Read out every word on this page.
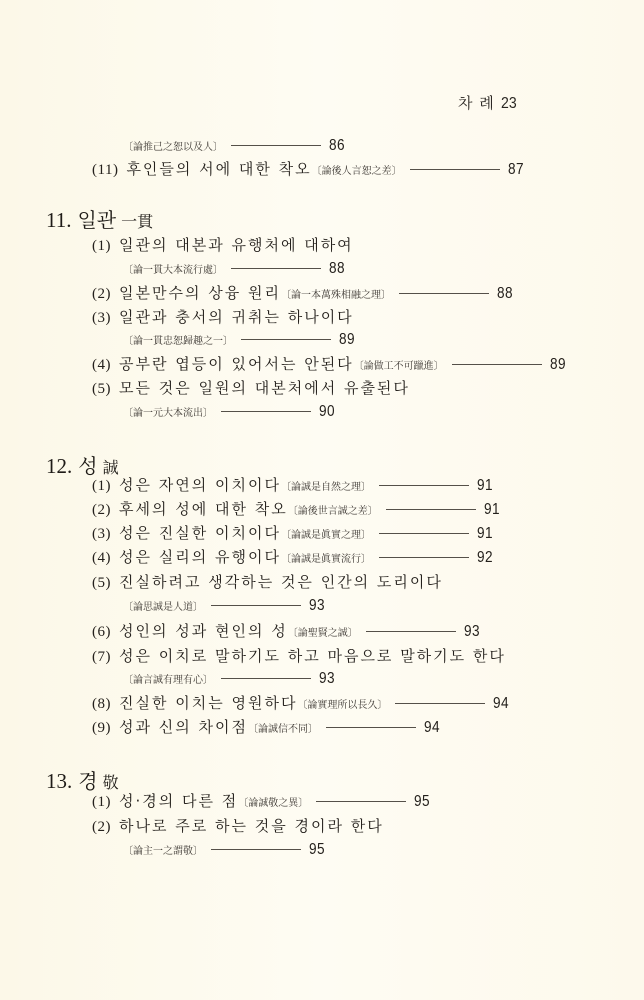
차 례 23
〔論推己之恕以及人〕	86
(11) 후인들의 서에 대한 착오〔論後人言恕之差〕	87
11. 일관 一貫
(1) 일관의 대본과 유행처에 대하여
〔論一貫大本流行處〕	88
(2) 일본만수의 상융 원리〔論一本萬殊相融之理〕	88
(3) 일관과 충서의 귀취는 하나이다
〔論一貫忠恕歸趣之一〕	89
(4) 공부란 엽등이 있어서는 안된다〔論做工不可躐進〕	89
(5) 모든 것은 일원의 대본처에서 유출된다
〔論一元大本流出〕	90
12. 성 誠
(1) 성은 자연의 이치이다〔論誠是自然之理〕	91
(2) 후세의 성에 대한 착오〔論後世言誠之差〕	91
(3) 성은 진실한 이치이다〔論誠是眞實之理〕	91
(4) 성은 실리의 유행이다〔論誠是眞實流行〕	92
(5) 진실하려고 생각하는 것은 인간의 도리이다
〔論思誠是人道〕	93
(6) 성인의 성과 현인의 성〔論聖賢之誠〕	93
(7) 성은 이치로 말하기도 하고 마음으로 말하기도 한다
〔論言誠有理有心〕	93
(8) 진실한 이치는 영원하다〔論實理所以長久〕	94
(9) 성과 신의 차이점〔論誠信不同〕	94
13. 경 敬
(1) 성·경의 다른 점〔論誠敬之異〕	95
(2) 하나로 주로 하는 것을 경이라 한다
〔論主一之謂敬〕	95
